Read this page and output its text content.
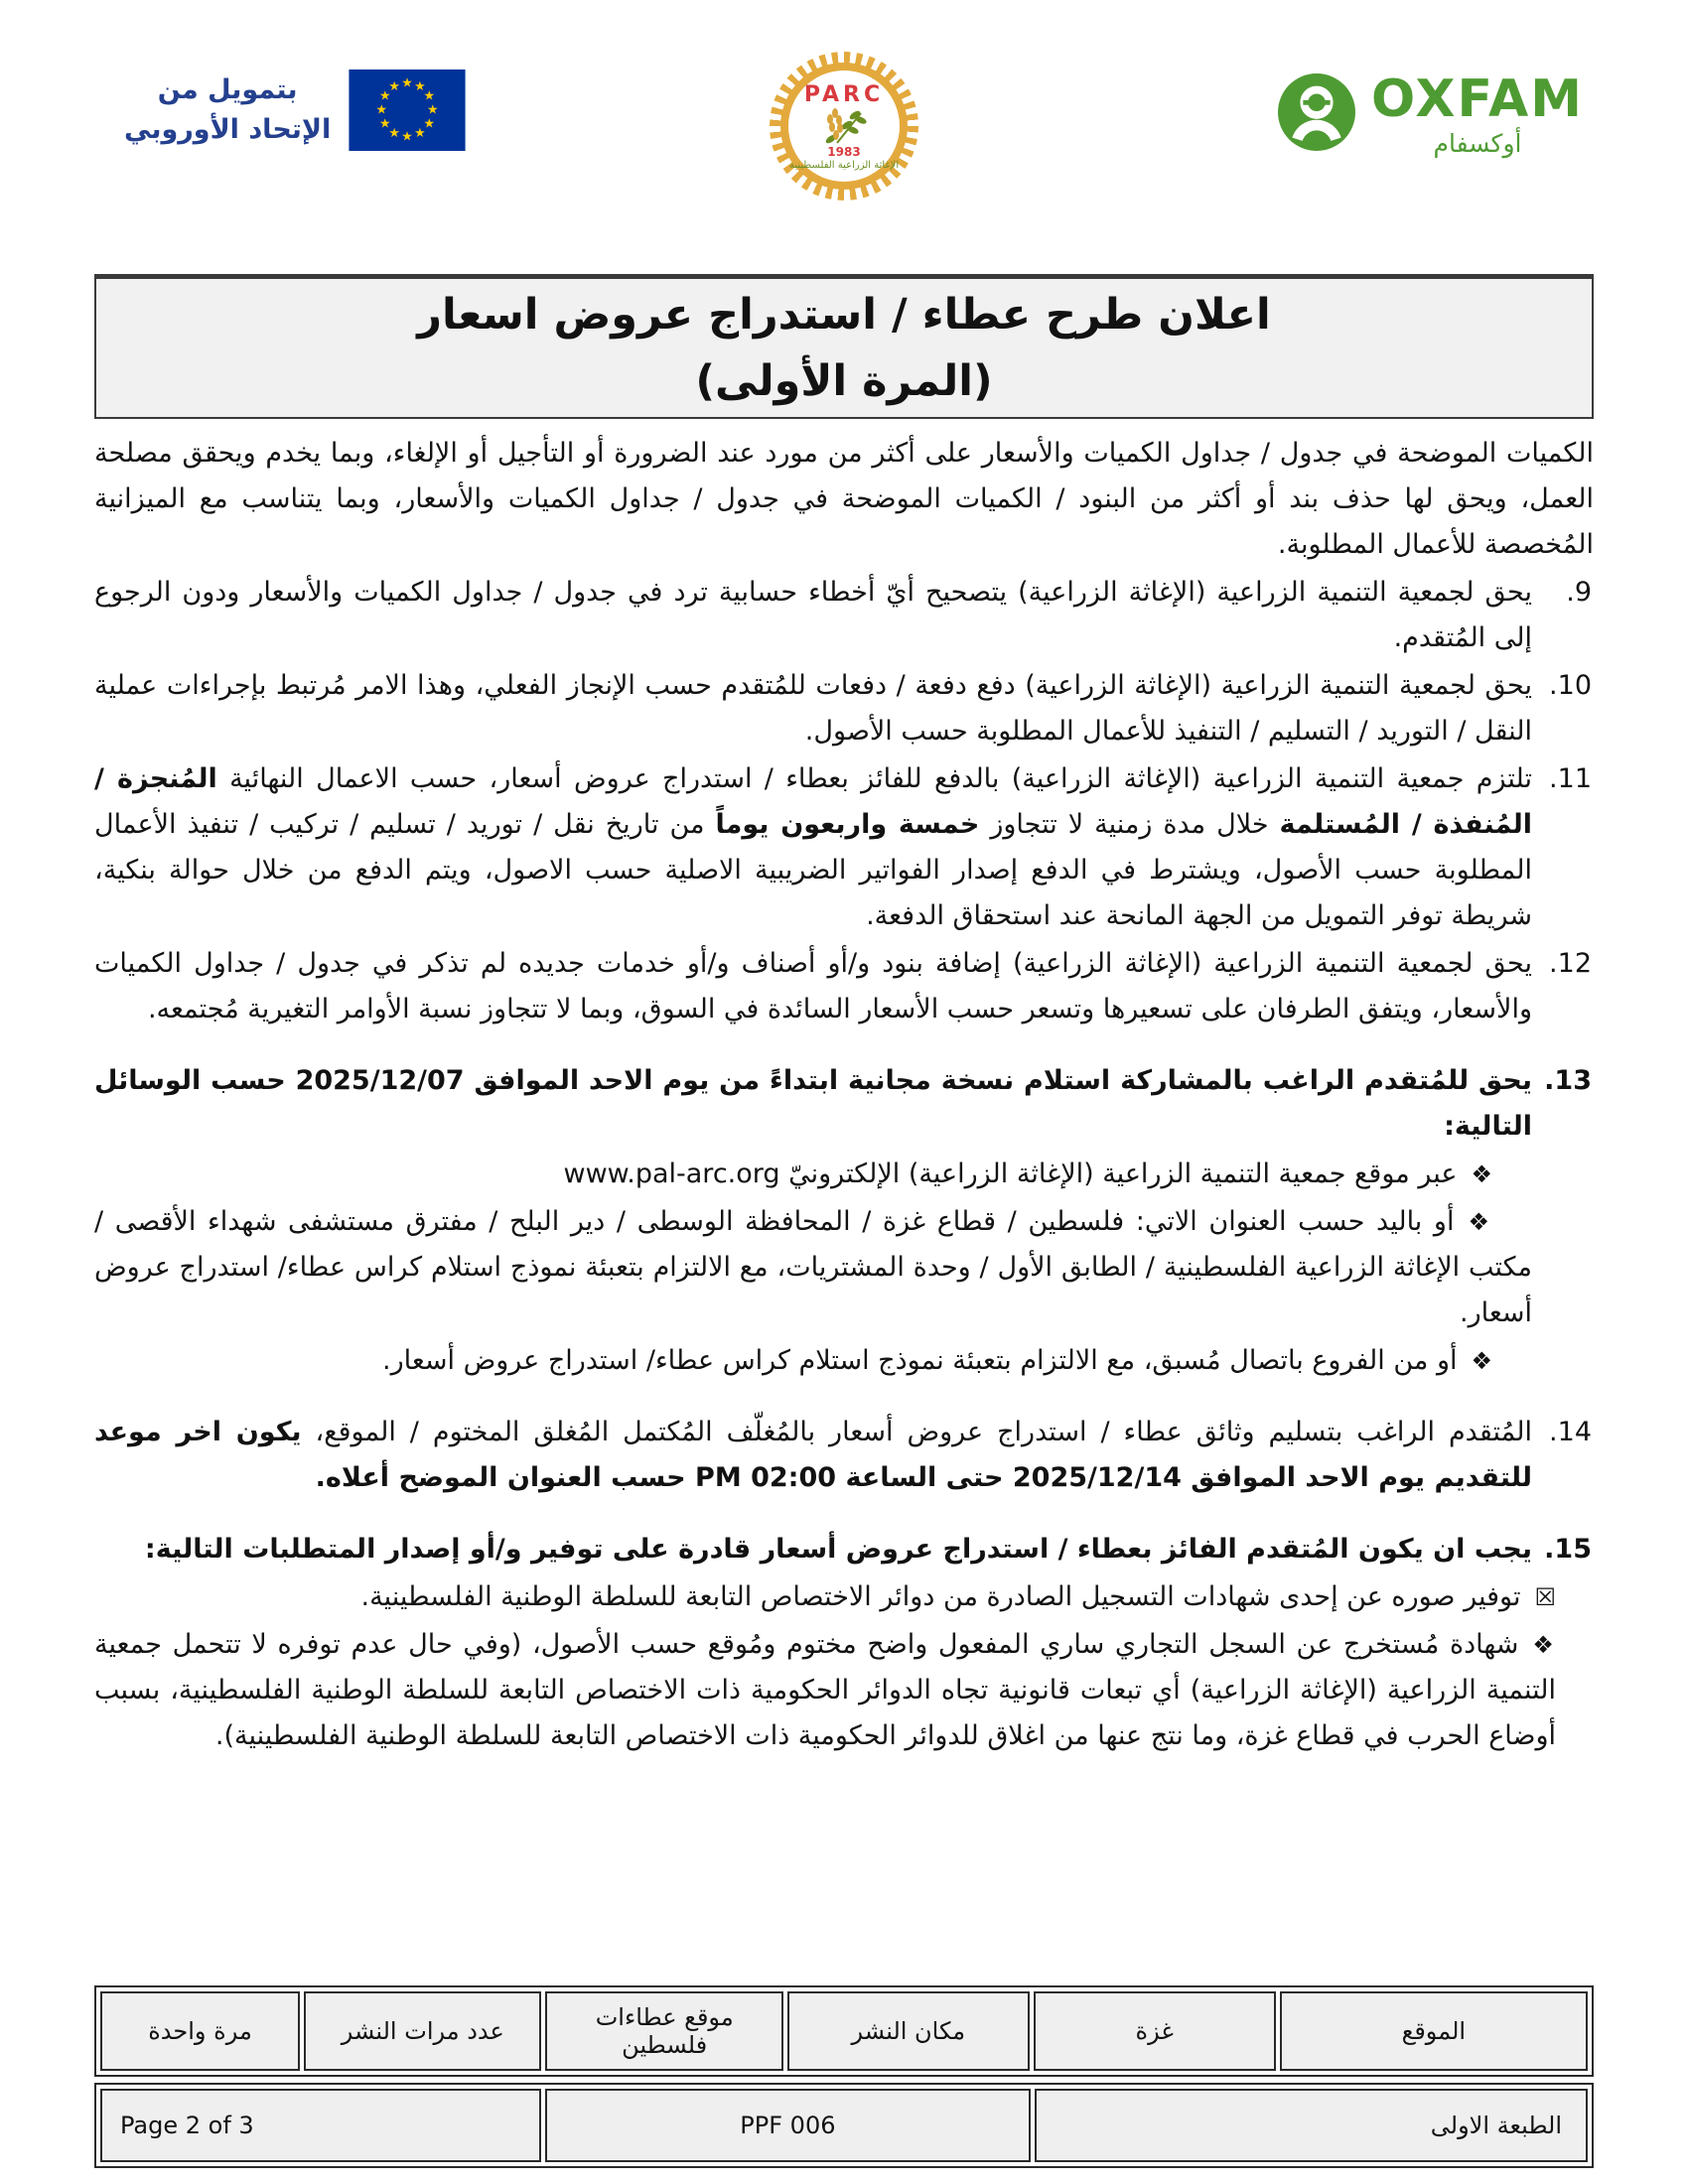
بتمويل من
الإتحاد الأوروبي
★ ★
★
★
★
★
★
★
★
★
★
★	PARC
1983
الإغاثة الزراعية الفلسطينية
OXFAM
أوكسفام
اعلان طرح عطاء / استدراج عروض اسعار
(المرة الأولى)

الكميات الموضحة في جدول / جداول الكميات والأسعار على أكثر من مورد عند الضرورة أو التأجيل أو الإلغاء، وبما يخدم ويحقق مصلحة العمل، ويحق لها حذف بند أو أكثر من البنود / الكميات الموضحة في جدول / جداول الكميات والأسعار، وبما يتناسب مع الميزانية المُخصصة للأعمال المطلوبة.

9.
يحق لجمعية التنمية الزراعية (الإغاثة الزراعية) يتصحيح أيّ أخطاء حسابية ترد في جدول / جداول الكميات والأسعار ودون الرجوع إلى المُتقدم.
10.
يحق لجمعية التنمية الزراعية (الإغاثة الزراعية) دفع دفعة / دفعات للمُتقدم حسب الإنجاز الفعلي، وهذا الامر مُرتبط بإجراءات عملية النقل / التوريد / التسليم / التنفيذ للأعمال المطلوبة حسب الأصول.
11.
تلتزم جمعية التنمية الزراعية (الإغاثة الزراعية) بالدفع للفائز بعطاء / استدراج عروض أسعار، حسب الاعمال النهائية المُنجزة / المُنفذة / المُستلمة خلال مدة زمنية لا تتجاوز خمسة واربعون يوماً من تاريخ نقل / توريد / تسليم / تركيب / تنفيذ الأعمال المطلوبة حسب الأصول، ويشترط في الدفع إصدار الفواتير الضريبية الاصلية حسب الاصول، ويتم الدفع من خلال حوالة بنكية، شريطة توفر التمويل من الجهة المانحة عند استحقاق الدفعة.
12.
يحق لجمعية التنمية الزراعية (الإغاثة الزراعية) إضافة بنود و/أو أصناف و/أو خدمات جديده لم تذكر في جدول / جداول الكميات والأسعار، ويتفق الطرفان على تسعيرها وتسعر حسب الأسعار السائدة في السوق، وبما لا تتجاوز نسبة الأوامر التغيرية مُجتمعه.
13.
يحق للمُتقدم الراغب بالمشاركة استلام نسخة مجانية ابتداءً من يوم الاحد الموافق 2025/12/07 حسب الوسائل التالية:
❖عبر موقع جمعية التنمية الزراعية (الإغاثة الزراعية) الإلكترونيّ www.pal-arc.org
❖أو باليد حسب العنوان الاتي: فلسطين / قطاع غزة / المحافظة الوسطى / دير البلح / مفترق مستشفى شهداء الأقصى / مكتب الإغاثة الزراعية الفلسطينية / الطابق الأول / وحدة المشتريات، مع الالتزام بتعبئة نموذج استلام كراس عطاء/ استدراج عروض أسعار.
❖أو من الفروع باتصال مُسبق، مع الالتزام بتعبئة نموذج استلام كراس عطاء/ استدراج عروض أسعار.
14.
المُتقدم الراغب بتسليم وثائق عطاء / استدراج عروض أسعار بالمُغلّف المُكتمل المُغلق المختوم / الموقع، يكون اخر موعد للتقديم يوم الاحد الموافق 2025/12/14 حتى الساعة 02:00 PM حسب العنوان الموضح أعلاه.
15.
يجب ان يكون المُتقدم الفائز بعطاء / استدراج عروض أسعار قادرة على توفير و/أو إصدار المتطلبات التالية:
☒توفير صوره عن إحدى شهادات التسجيل الصادرة من دوائر الاختصاص التابعة للسلطة الوطنية الفلسطينية.
❖شهادة مُستخرج عن السجل التجاري ساري المفعول واضح مختوم ومُوقع حسب الأصول، (وفي حال عدم توفره لا تتحمل جمعية التنمية الزراعية (الإغاثة الزراعية) أي تبعات قانونية تجاه الدوائر الحكومية ذات الاختصاص التابعة للسلطة الوطنية الفلسطينية، بسبب أوضاع الحرب في قطاع غزة، وما نتج عنها من اغلاق للدوائر الحكومية ذات الاختصاص التابعة للسلطة الوطنية الفلسطينية).
الموقع	غزة	مكان النشر	موقع عطاءات فلسطين	عدد مرات النشر	مرة واحدة
الطبعة الاولى	PPF 006	Page 2 of 3
